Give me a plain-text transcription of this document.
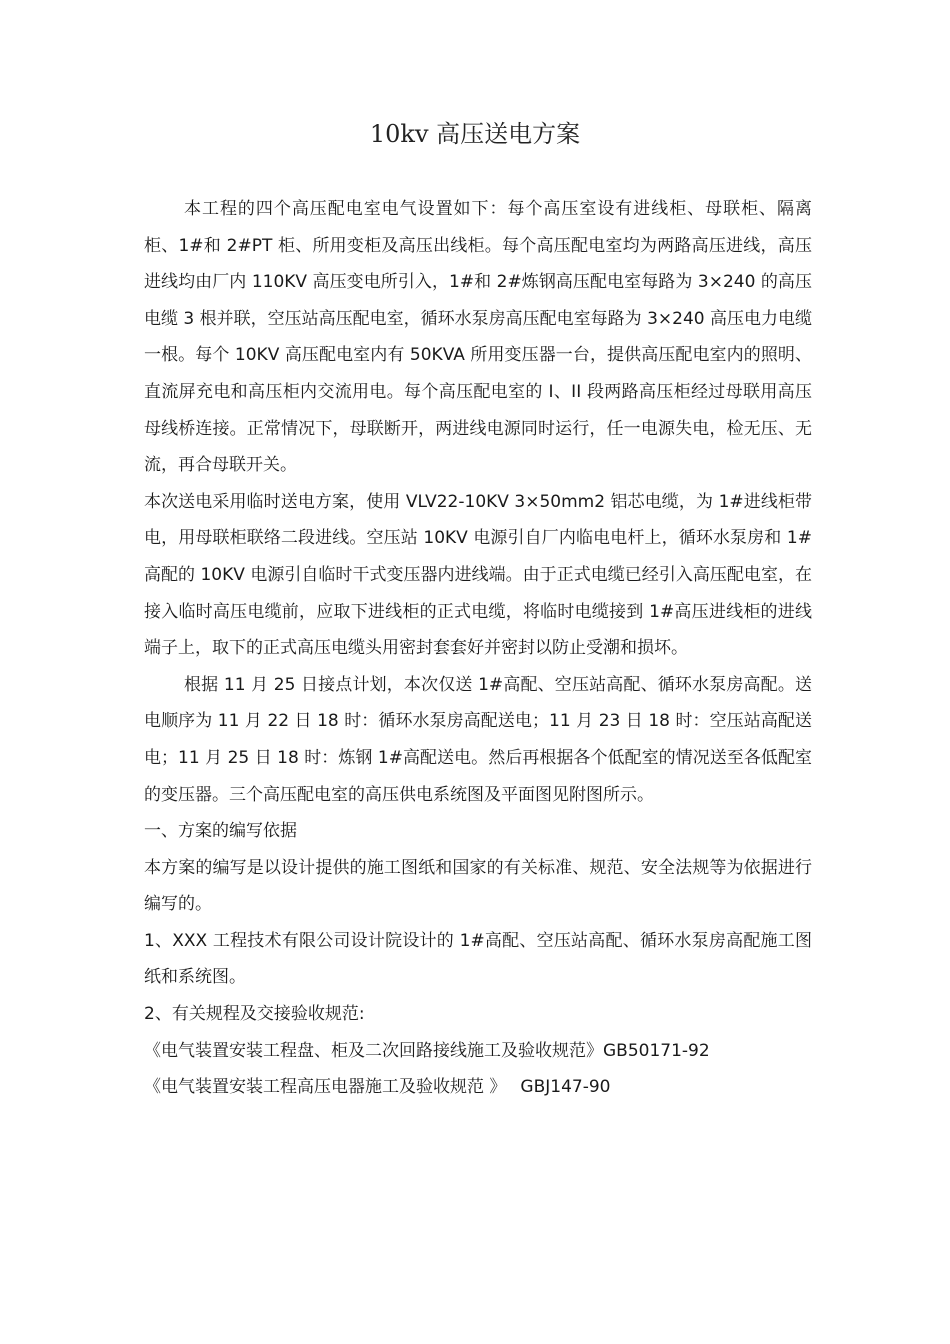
10kv 高压送电方案

本工程的四个高压配电室电气设置如下：每个高压室设有进线柜、母联柜、隔离柜、1#和 2#PT 柜、所用变柜及高压出线柜。每个高压配电室均为两路高压进线，高压进线均由厂内 110KV 高压变电所引入，1#和 2#炼钢高压配电室每路为 3×240 的高压电缆 3 根并联，空压站高压配电室，循环水泵房高压配电室每路为 3×240 高压电力电缆一根。每个 10KV 高压配电室内有 50KVA 所用变压器一台，提供高压配电室内的照明、直流屏充电和高压柜内交流用电。每个高压配电室的 I、II 段两路高压柜经过母联用高压母线桥连接。正常情况下，母联断开，两进线电源同时运行，任一电源失电，检无压、无流，再合母联开关。

本次送电采用临时送电方案，使用 VLV22-10KV 3×50mm2 铝芯电缆，为 1#进线柜带电，用母联柜联络二段进线。空压站 10KV 电源引自厂内临电电杆上，循环水泵房和 1#高配的 10KV 电源引自临时干式变压器内进线端。由于正式电缆已经引入高压配电室，在接入临时高压电缆前，应取下进线柜的正式电缆，将临时电缆接到 1#高压进线柜的进线端子上，取下的正式高压电缆头用密封套套好并密封以防止受潮和损坏。

根据 11 月 25 日接点计划，本次仅送 1#高配、空压站高配、循环水泵房高配。送电顺序为 11 月 22 日 18 时：循环水泵房高配送电；11 月 23 日 18 时：空压站高配送电；11 月 25 日 18 时：炼钢 1#高配送电。然后再根据各个低配室的情况送至各低配室的变压器。三个高压配电室的高压供电系统图及平面图见附图所示。

一、方案的编写依据

本方案的编写是以设计提供的施工图纸和国家的有关标准、规范、安全法规等为依据进行编写的。

1、XXX 工程技术有限公司设计院设计的 1#高配、空压站高配、循环水泵房高配施工图纸和系统图。

2、有关规程及交接验收规范:

《电气装置安装工程盘、柜及二次回路接线施工及验收规范》GB50171-92

《电气装置安装工程高压电器施工及验收规范 》 GBJ147-90
